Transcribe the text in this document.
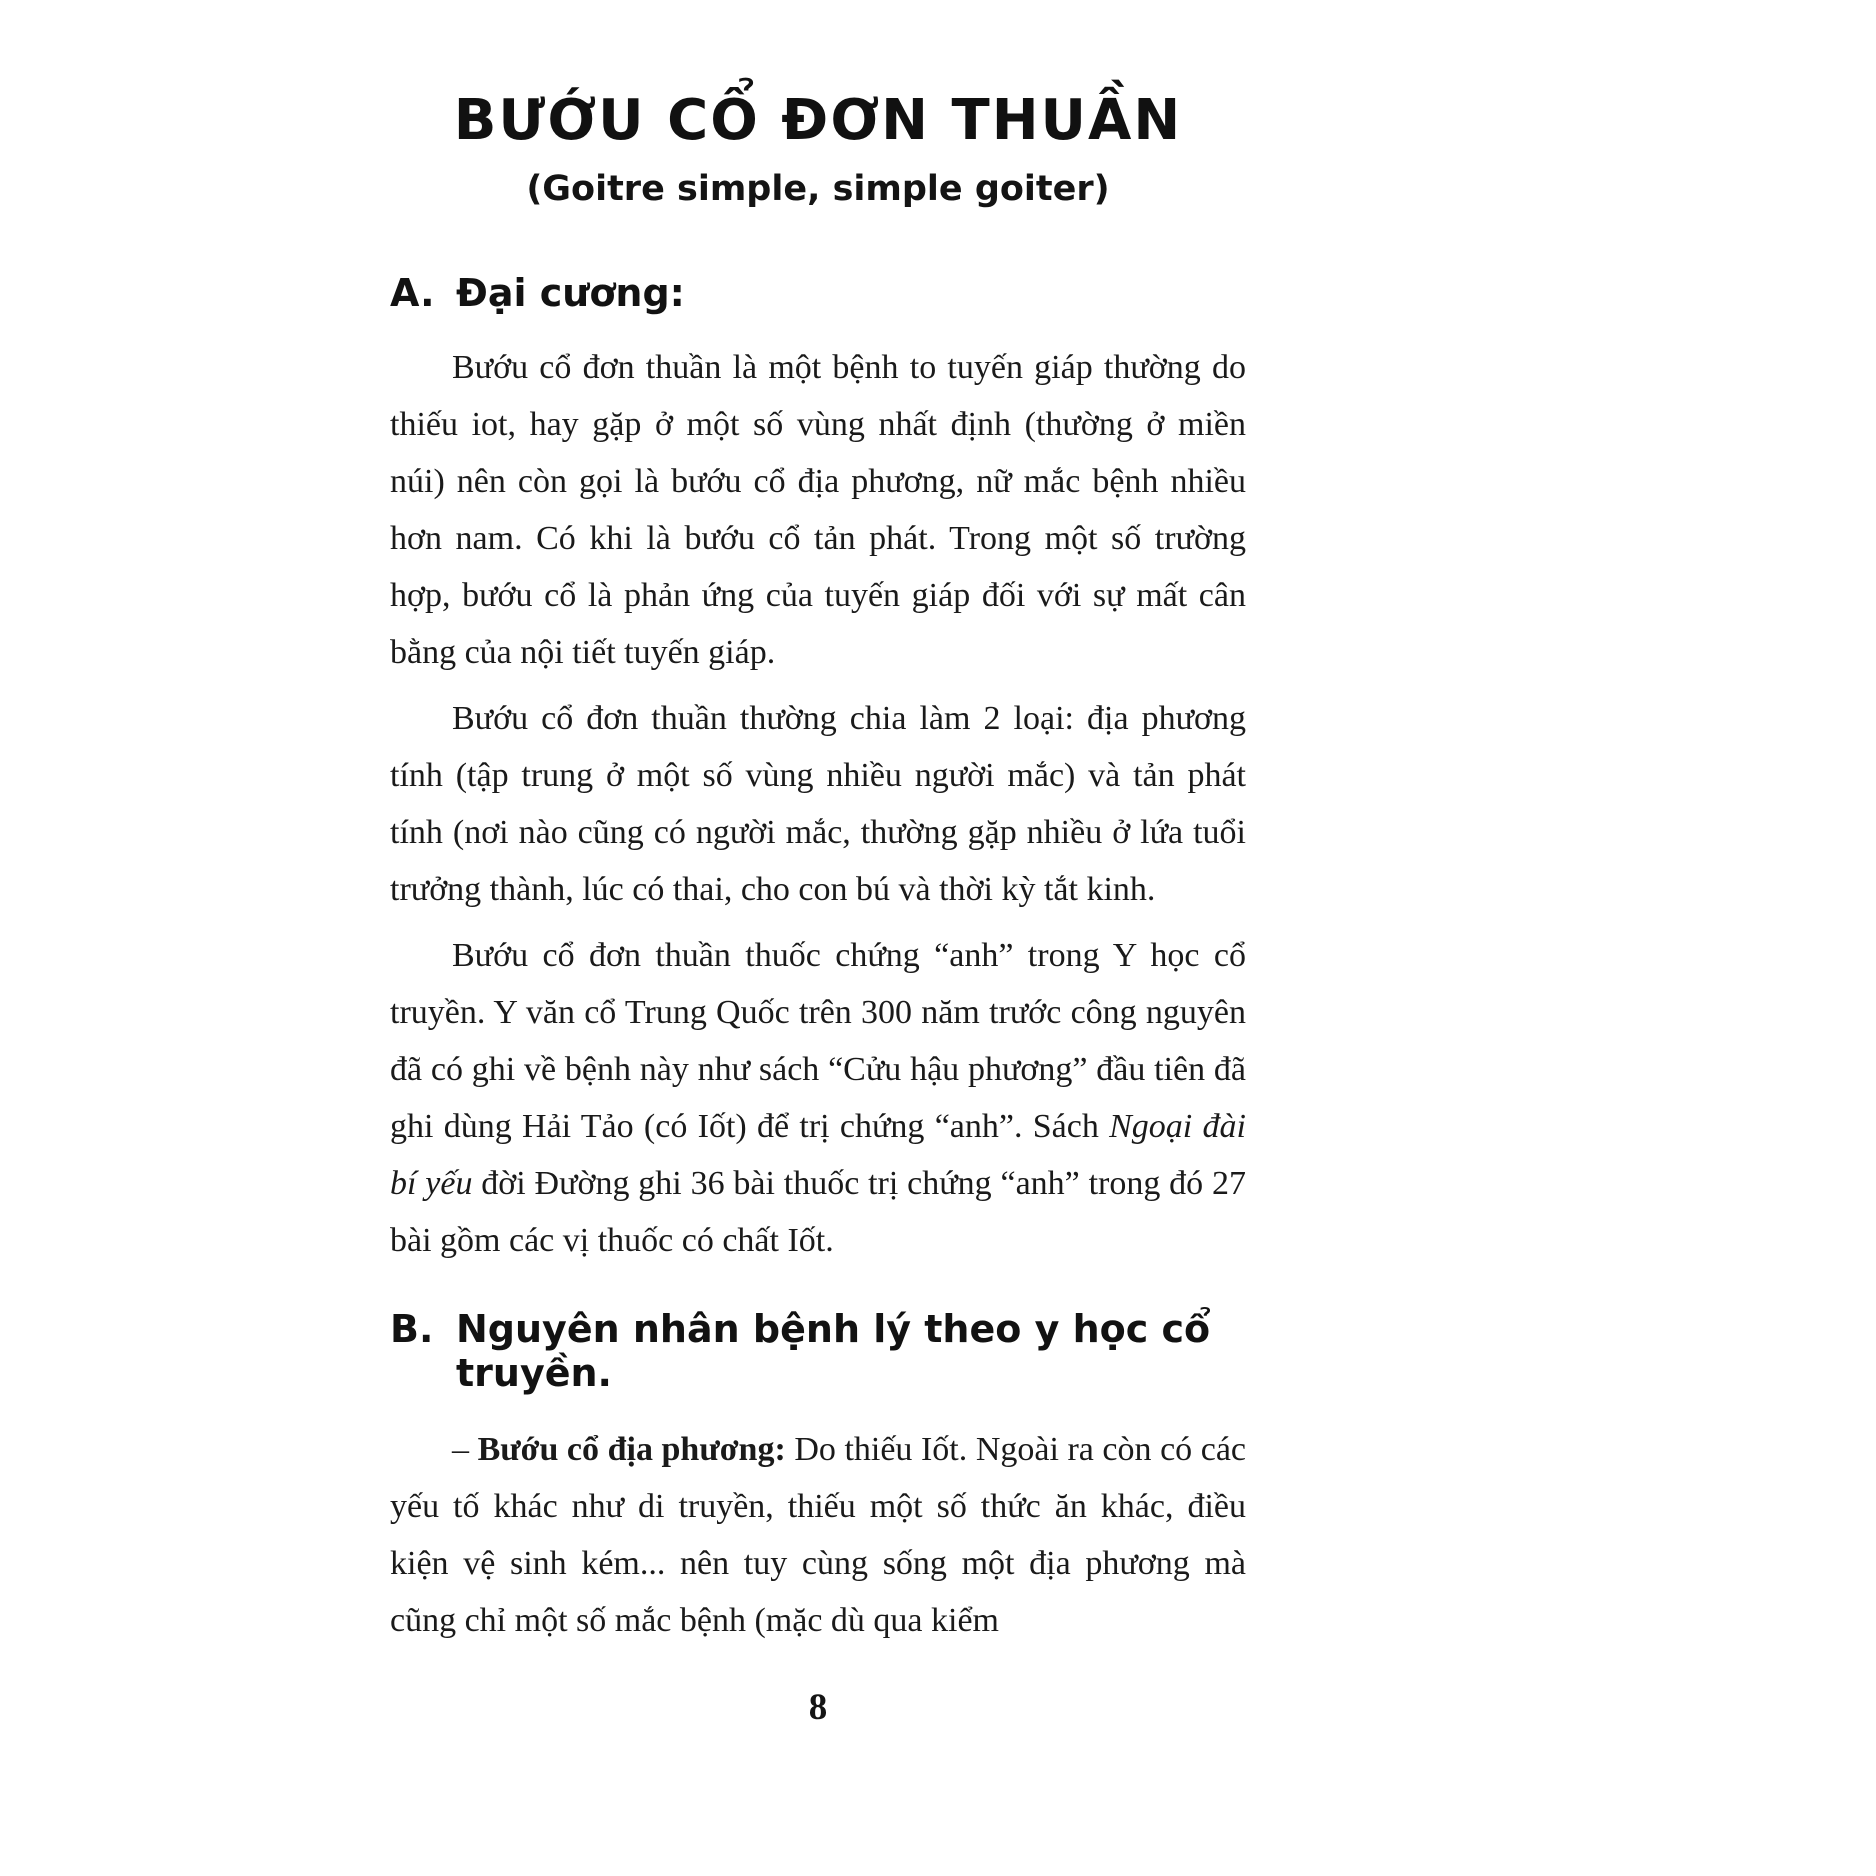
BƯỚU CỔ ĐƠN THUẦN
(Goitre simple, simple goiter)
A. Đại cương:

Bướu cổ đơn thuần là một bệnh to tuyến giáp thường do thiếu iot, hay gặp ở một số vùng nhất định (thường ở miền núi) nên còn gọi là bướu cổ địa phương, nữ mắc bệnh nhiều hơn nam. Có khi là bướu cổ tản phát. Trong một số trường hợp, bướu cổ là phản ứng của tuyến giáp đối với sự mất cân bằng của nội tiết tuyến giáp.

Bướu cổ đơn thuần thường chia làm 2 loại: địa phương tính (tập trung ở một số vùng nhiều người mắc) và tản phát tính (nơi nào cũng có người mắc, thường gặp nhiều ở lứa tuổi trưởng thành, lúc có thai, cho con bú và thời kỳ tắt kinh.

Bướu cổ đơn thuần thuốc chứng “anh” trong Y học cổ truyền. Y văn cổ Trung Quốc trên 300 năm trước công nguyên đã có ghi về bệnh này như sách “Cửu hậu phương” đầu tiên đã ghi dùng Hải Tảo (có Iốt) để trị chứng “anh”. Sách Ngoại đài bí yếu đời Đường ghi 36 bài thuốc trị chứng “anh” trong đó 27 bài gồm các vị thuốc có chất Iốt.

B. Nguyên nhân bệnh lý theo y học cổ truyền.

– Bướu cổ địa phương: Do thiếu Iốt. Ngoài ra còn có các yếu tố khác như di truyền, thiếu một số thức ăn khác, điều kiện vệ sinh kém... nên tuy cùng sống một địa phương mà cũng chỉ một số mắc bệnh (mặc dù qua kiểm

8
